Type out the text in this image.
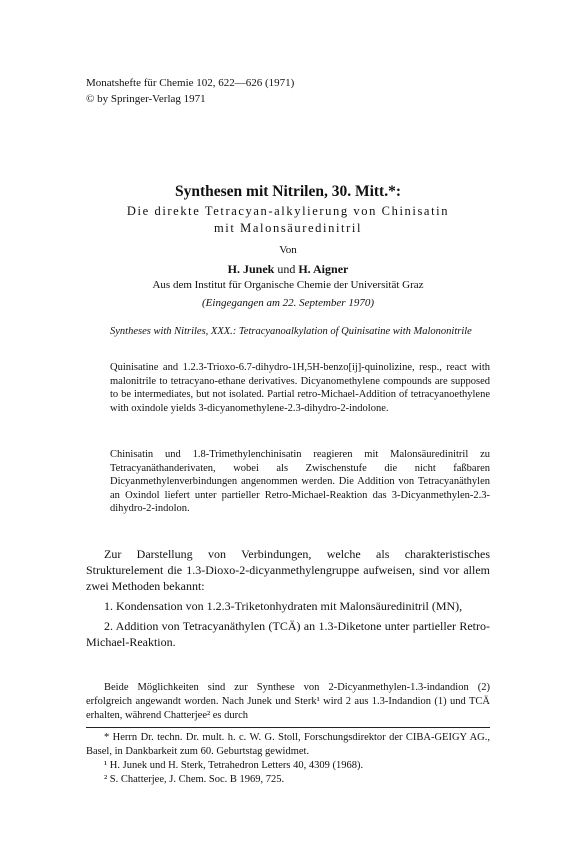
Monatshefte für Chemie 102, 622—626 (1971)
© by Springer-Verlag 1971
Synthesen mit Nitrilen, 30. Mitt.*:
Die direkte Tetracyan-alkylierung von Chinisatin
mit Malonsäuredinitril
Von
H. Junek und H. Aigner
Aus dem Institut für Organische Chemie der Universität Graz
(Eingegangen am 22. September 1970)
Syntheses with Nitriles, XXX.: Tetracyanoalkylation of Quinisatine with Malononitrile
Quinisatine and 1.2.3-Trioxo-6.7-dihydro-1H,5H-benzo[ij]-quinolizine, resp., react with malonitrile to tetracyano-ethane derivatives. Dicyanomethylene compounds are supposed to be intermediates, but not isolated. Partial retro-Michael-Addition of tetracyanoethylene with oxindole yields 3-dicyanomethylene-2.3-dihydro-2-indolone.
Chinisatin und 1.8-Trimethylenchinisatin reagieren mit Malonsäuredinitril zu Tetracyanäthanderivaten, wobei als Zwischenstufe die nicht faßbaren Dicyanmethylenverbindungen angenommen werden. Die Addition von Tetracyanäthylen an Oxindol liefert unter partieller Retro-Michael-Reaktion das 3-Dicyanmethylen-2.3-dihydro-2-indolon.
Zur Darstellung von Verbindungen, welche als charakteristisches Strukturelement die 1.3-Dioxo-2-dicyanmethylengruppe aufweisen, sind vor allem zwei Methoden bekannt:
1. Kondensation von 1.2.3-Triketonhydraten mit Malonsäuredinitril (MN),
2. Addition von Tetracyanäthylen (TCÄ) an 1.3-Diketone unter partieller Retro-Michael-Reaktion.
Beide Möglichkeiten sind zur Synthese von 2-Dicyanmethylen-1.3-indandion (2) erfolgreich angewandt worden. Nach Junek und Sterk¹ wird 2 aus 1.3-Indandion (1) und TCÄ erhalten, während Chatterjee² es durch
* Herrn Dr. techn. Dr. mult. h. c. W. G. Stoll, Forschungsdirektor der CIBA-GEIGY AG., Basel, in Dankbarkeit zum 60. Geburtstag gewidmet.
¹ H. Junek und H. Sterk, Tetrahedron Letters 40, 4309 (1968).
² S. Chatterjee, J. Chem. Soc. B 1969, 725.
